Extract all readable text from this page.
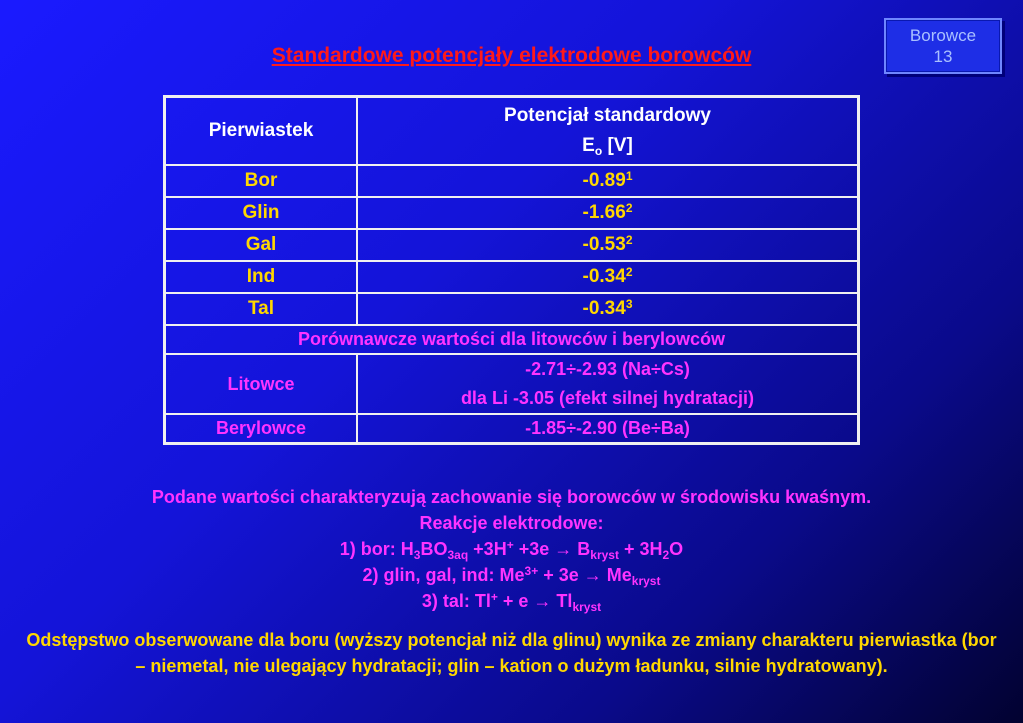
Borowce
13
Standardowe potencjały elektrodowe borowców
Pierwiastek	Potencjał standardowy
$E_o$ [V]

Bor	-0.89$^1$
Glin	-1.66$^2$
Gal	-0.53$^2$
Ind	-0.34$^2$
Tal	-0.34$^3$
Porównawcze wartości dla litowców i berylowców	
Litowce	-2.71÷-2.93 (Na÷Cs)
dla Li -3.05 (efekt silnej hydratacji)

Berylowce	-1.85÷-2.90 (Be÷Ba)
Podane wartości charakteryzują zachowanie się borowców w środowisku kwaśnym.
Reakcje elektrodowe:
1) bor: $H_3BO_{3aq} +3H^+ +3e \to B_{kryst} + 3H_2O$
2) glin, gal, ind: $Me^{3+} + 3e \to Me_{kryst}$
3) tal: $Tl^+ + e \to Tl_{kryst}$
Odstępstwo obserwowane dla boru (wyższy potencjał niż dla glinu) wynika ze zmiany charakteru pierwiastka (bor – niemetal, nie ulegający hydratacji; glin – kation o dużym ładunku, silnie hydratowany).
